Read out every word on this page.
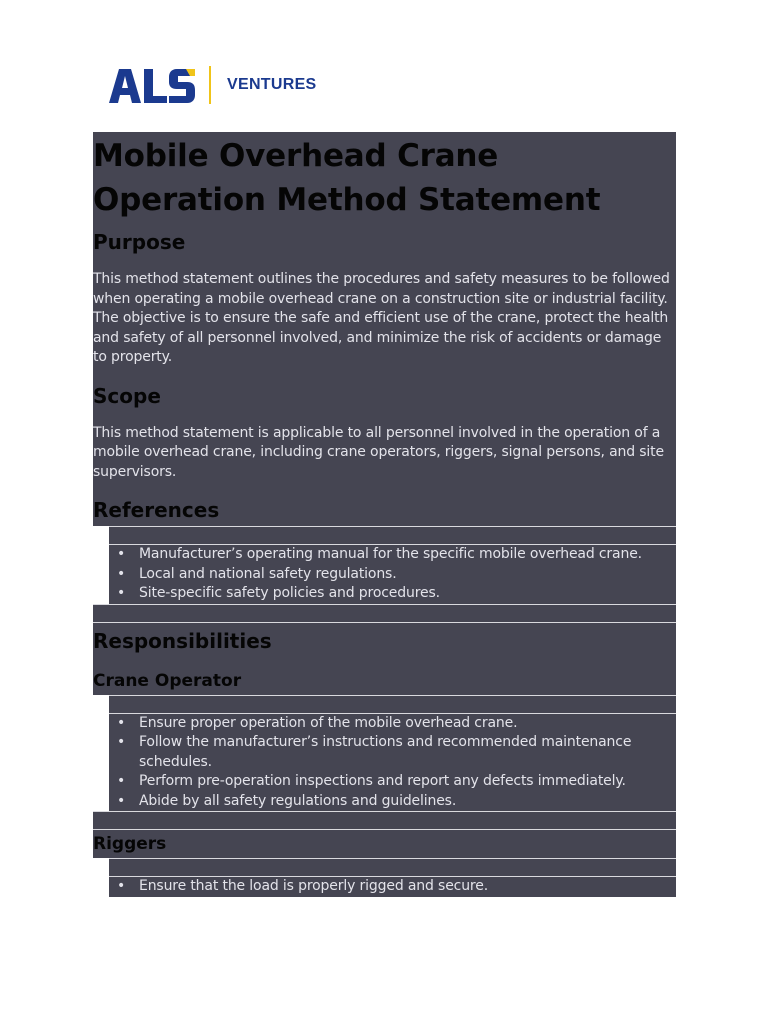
VENTURES
Mobile Overhead Crane Operation Method Statement
Purpose

This method statement outlines the procedures and safety measures to be followed when operating a mobile overhead crane on a construction site or industrial facility. The objective is to ensure the safe and efficient use of the crane, protect the health and safety of all personnel involved, and minimize the risk of accidents or damage to property.

Scope

This method statement is applicable to all personnel involved in the operation of a mobile overhead crane, including crane operators, riggers, signal persons, and site supervisors.

References
• Manufacturer’s operating manual for the specific mobile overhead crane.
• Local and national safety regulations.
• Site-specific safety policies and procedures.
Responsibilities
Crane Operator
• Ensure proper operation of the mobile overhead crane.
• Follow the manufacturer’s instructions and recommended maintenance schedules.
• Perform pre-operation inspections and report any defects immediately.
• Abide by all safety regulations and guidelines.
Riggers
• Ensure that the load is properly rigged and secure.
